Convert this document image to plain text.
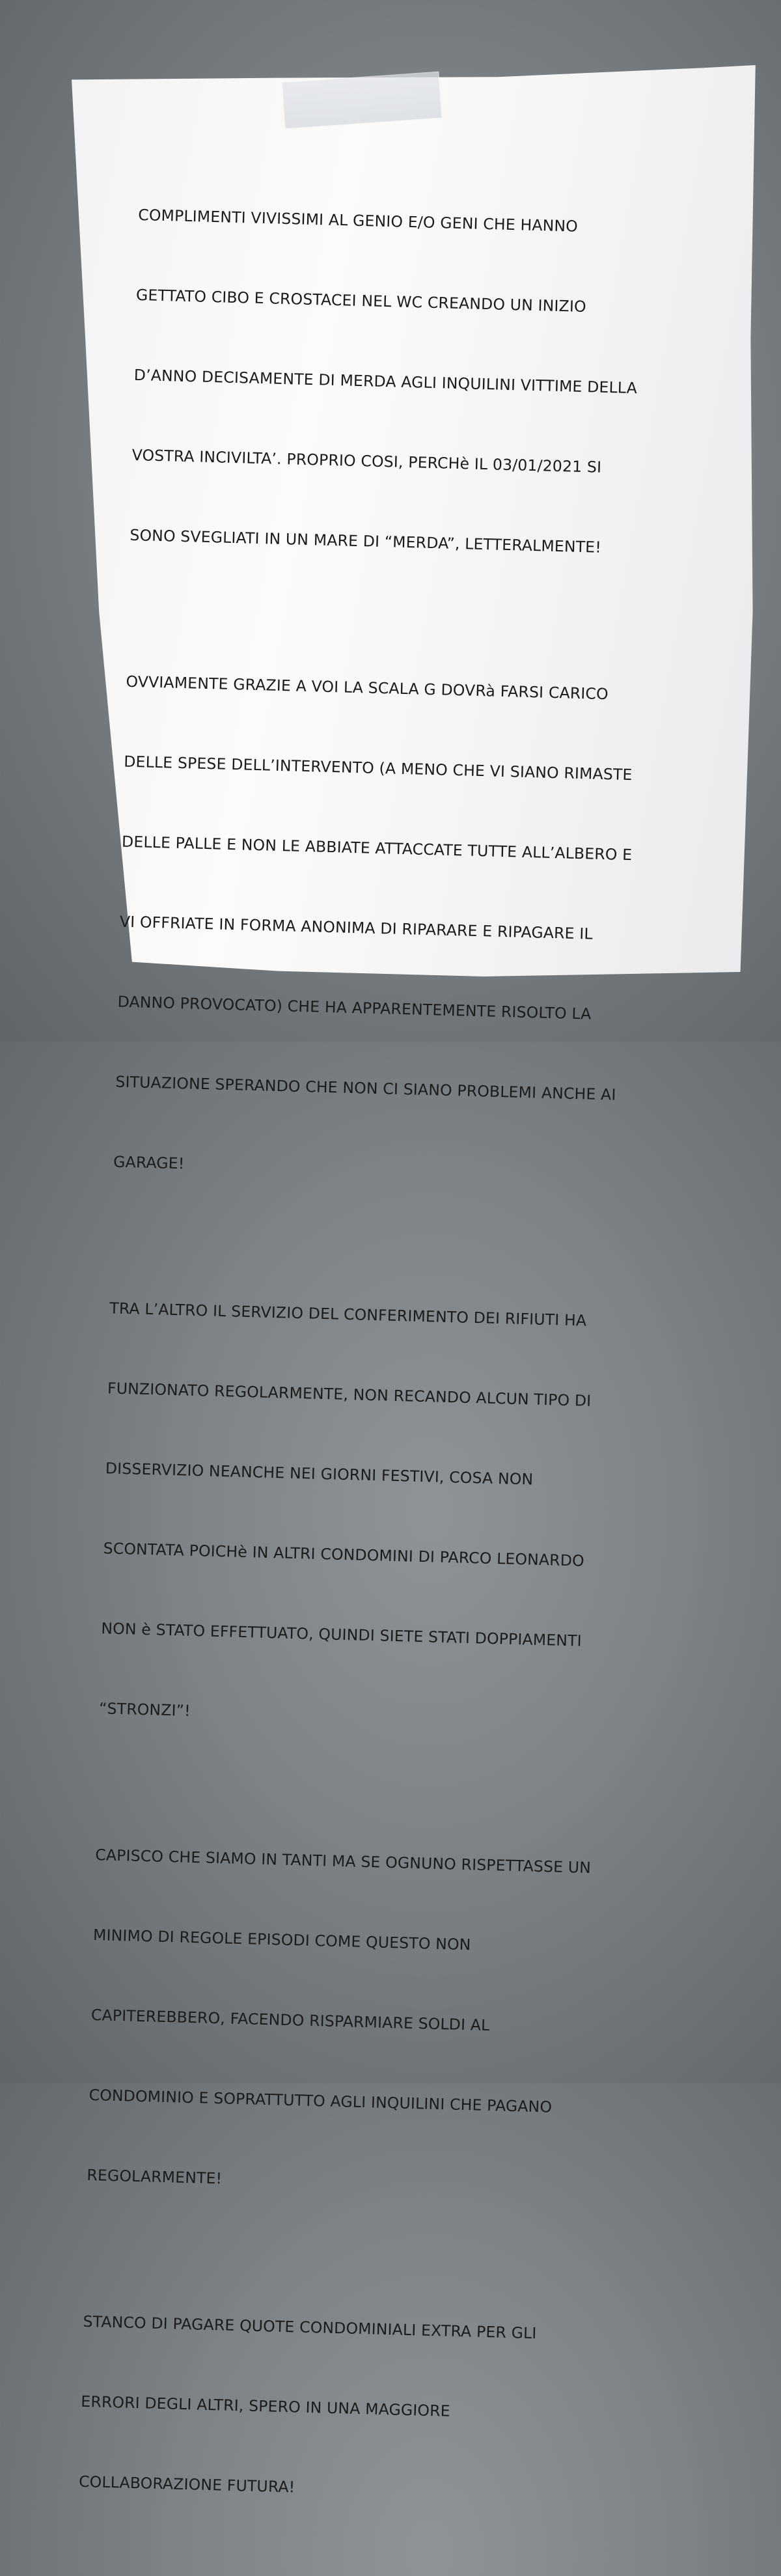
COMPLIMENTI VIVISSIMI AL GENIO E/O GENI CHE HANNO

GETTATO CIBO E CROSTACEI NEL WC CREANDO UN INIZIO

D’ANNO DECISAMENTE DI MERDA AGLI INQUILINI VITTIME DELLA

VOSTRA INCIVILTA’. PROPRIO COSI, PERCHè IL 03/01/2021 SI

SONO SVEGLIATI IN UN MARE DI “MERDA”, LETTERALMENTE!

OVVIAMENTE GRAZIE A VOI LA SCALA G DOVRà FARSI CARICO

DELLE SPESE DELL’INTERVENTO (A MENO CHE VI SIANO RIMASTE

DELLE PALLE E NON LE ABBIATE ATTACCATE TUTTE ALL’ALBERO E

VI OFFRIATE IN FORMA ANONIMA DI RIPARARE E RIPAGARE IL

DANNO PROVOCATO) CHE HA APPARENTEMENTE RISOLTO LA

SITUAZIONE SPERANDO CHE NON CI SIANO PROBLEMI ANCHE AI

GARAGE!

TRA L’ALTRO IL SERVIZIO DEL CONFERIMENTO DEI RIFIUTI HA

FUNZIONATO REGOLARMENTE, NON RECANDO ALCUN TIPO DI

DISSERVIZIO NEANCHE NEI GIORNI FESTIVI, COSA NON

SCONTATA POICHè IN ALTRI CONDOMINI DI PARCO LEONARDO

NON è STATO EFFETTUATO, QUINDI SIETE STATI DOPPIAMENTI

“STRONZI”!

CAPISCO CHE SIAMO IN TANTI MA SE OGNUNO RISPETTASSE UN

MINIMO DI REGOLE EPISODI COME QUESTO NON

CAPITEREBBERO, FACENDO RISPARMIARE SOLDI AL

CONDOMINIO E SOPRATTUTTO AGLI INQUILINI CHE PAGANO

REGOLARMENTE!

STANCO DI PAGARE QUOTE CONDOMINIALI EXTRA PER GLI

ERRORI DEGLI ALTRI, SPERO IN UNA MAGGIORE

COLLABORAZIONE FUTURA!
